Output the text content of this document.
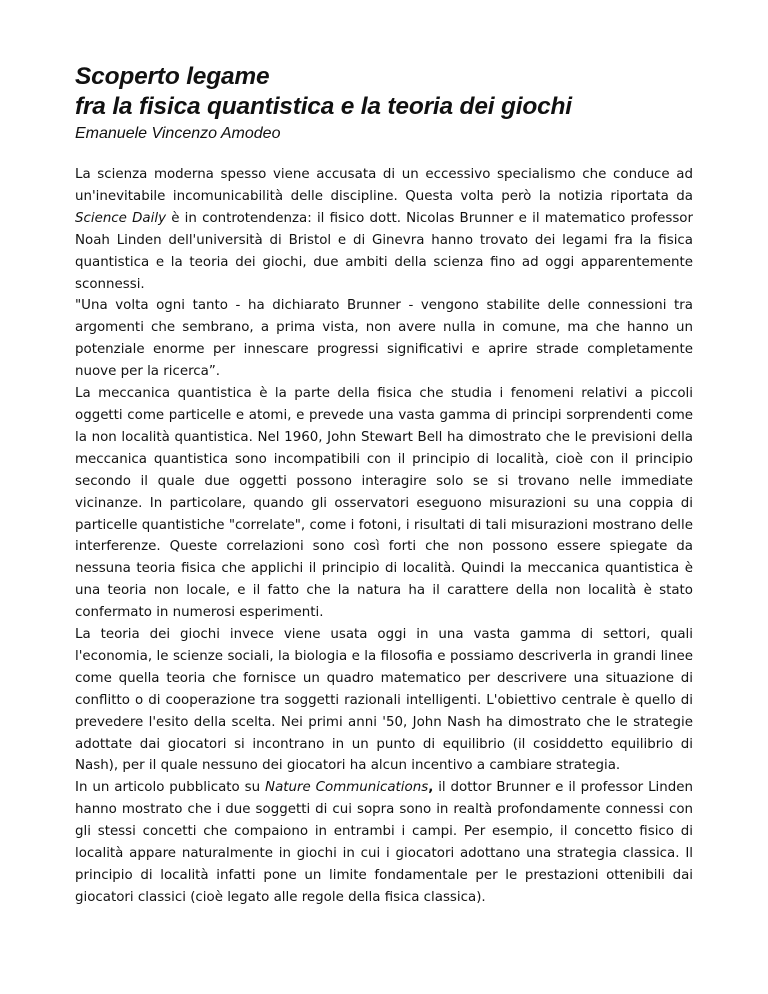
Scoperto legame
fra la fisica quantistica e la teoria dei giochi
Emanuele Vincenzo Amodeo

La scienza moderna spesso viene accusata di un eccessivo specialismo che conduce ad un'inevitabile incomunicabilità delle discipline. Questa volta però la notizia riportata da Science Daily è in controtendenza: il fisico dott. Nicolas Brunner e il matematico professor Noah Linden dell'università di Bristol e di Ginevra hanno trovato dei legami fra la fisica quantistica e la teoria dei giochi, due ambiti della scienza fino ad oggi apparentemente sconnessi.

"Una volta ogni tanto - ha dichiarato Brunner - vengono stabilite delle connessioni tra argomenti che sembrano, a prima vista, non avere nulla in comune, ma che hanno un potenziale enorme per innescare progressi significativi e aprire strade completamente nuove per la ricerca”.

La meccanica quantistica è la parte della fisica che studia i fenomeni relativi a piccoli oggetti come particelle e atomi, e prevede una vasta gamma di principi sorprendenti come la non località quantistica. Nel 1960, John Stewart Bell ha dimostrato che le previsioni della meccanica quantistica sono incompatibili con il principio di località, cioè con il principio secondo il quale due oggetti possono interagire solo se si trovano nelle immediate vicinanze. In particolare, quando gli osservatori eseguono misurazioni su una coppia di particelle quantistiche "correlate", come i fotoni, i risultati di tali misurazioni mostrano delle interferenze. Queste correlazioni sono così forti che non possono essere spiegate da nessuna teoria fisica che applichi il principio di località. Quindi la meccanica quantistica è una teoria non locale, e il fatto che la natura ha il carattere della non località è stato confermato in numerosi esperimenti.

La teoria dei giochi invece viene usata oggi in una vasta gamma di settori, quali l'economia, le scienze sociali, la biologia e la filosofia e possiamo descriverla in grandi linee come quella teoria che fornisce un quadro matematico per descrivere una situazione di conflitto o di cooperazione tra soggetti razionali intelligenti. L'obiettivo centrale è quello di prevedere l'esito della scelta. Nei primi anni '50, John Nash ha dimostrato che le strategie adottate dai giocatori si incontrano in un punto di equilibrio (il cosiddetto equilibrio di Nash), per il quale nessuno dei giocatori ha alcun incentivo a cambiare strategia.

In un articolo pubblicato su Nature Communications, il dottor Brunner e il professor Linden hanno mostrato che i due soggetti di cui sopra sono in realtà profondamente connessi con gli stessi concetti che compaiono in entrambi i campi. Per esempio, il concetto fisico di località appare naturalmente in giochi in cui i giocatori adottano una strategia classica. Il principio di località infatti pone un limite fondamentale per le prestazioni ottenibili dai giocatori classici (cioè legato alle regole della fisica classica).
